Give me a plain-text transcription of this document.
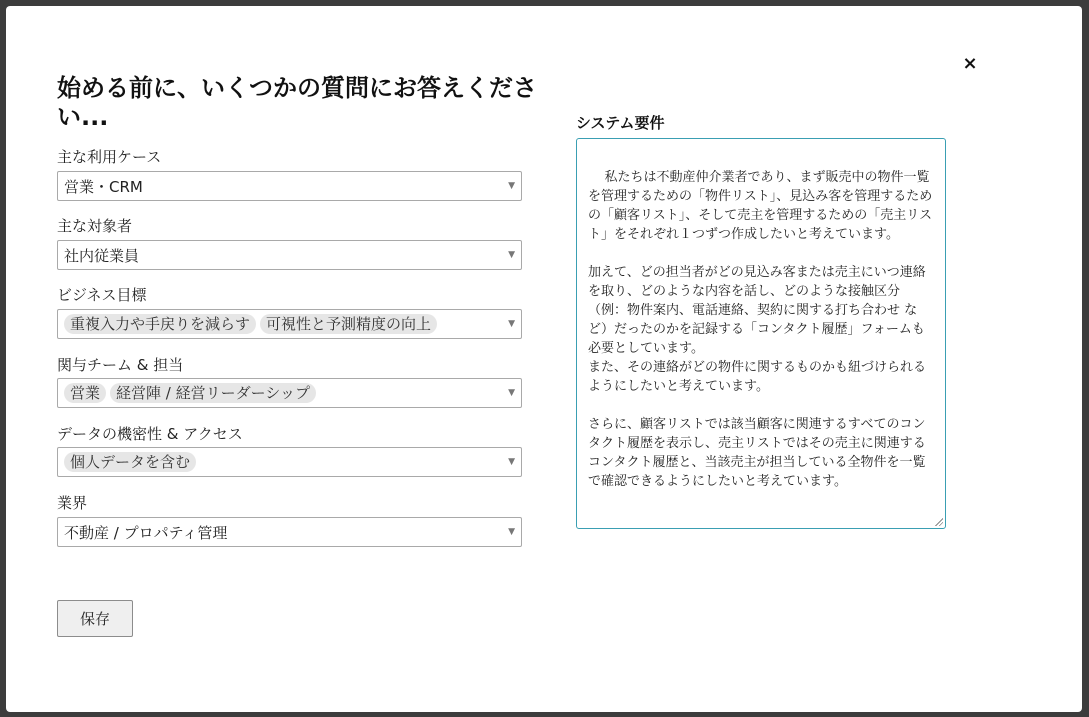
×
始める前に、いくつかの質問にお答えください...
主な利用ケース
営業・CRM	▼
主な対象者
社内従業員	▼
ビジネス目標
重複入力や手戻りを減らす	可視性と予測精度の向上	▼
関与チーム & 担当
営業	経営陣 / 経営リーダーシップ	▼
データの機密性 & アクセス
個人データを含む	▼
業界
不動産 / プロパティ管理	▼
システム要件

私たちは不動産仲介業者であり、まず販売中の物件一覧を管理するための「物件リスト」、見込み客を管理するための「顧客リスト」、そして売主を管理するための「売主リスト」をそれぞれ１つずつ作成したいと考えています。

加えて、どの担当者がどの見込み客または売主にいつ連絡を取り、どのような内容を話し、どのような接触区分（例：物件案内、電話連絡、契約に関する打ち合わせ など）だったのかを記録する「コンタクト履歴」フォームも必要としています。
また、その連絡がどの物件に関するものかも紐づけられるようにしたいと考えています。

さらに、顧客リストでは該当顧客に関連するすべてのコンタクト履歴を表示し、売主リストではその売主に関連するコンタクト履歴と、当該売主が担当している全物件を一覧で確認できるようにしたいと考えています。

保存
